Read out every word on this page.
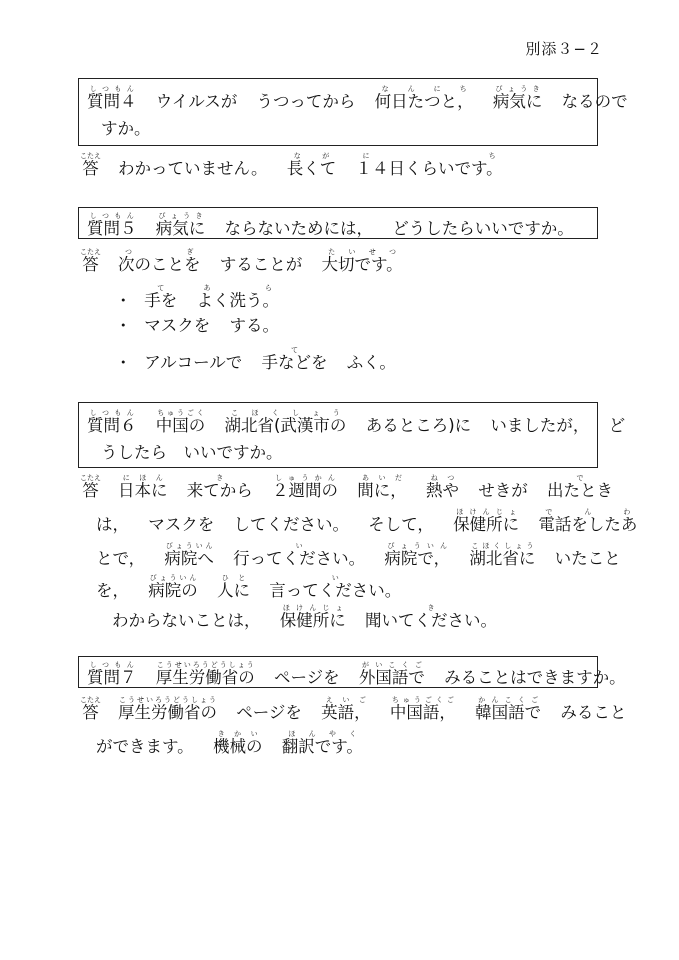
別添３−２
質問４しつもん ウイルスが うつってから 何日たつと，なんにち 病気にびょうき なるので
すか。
答こたえ わかっていません。 長くてなが １４日くらいです。にち
質問５しつもん 病気にびょうき ならないためには， どうしたらいいですか。
答こたえ 次のことをつぎ することが 大切です。たいせつ
・ 手をて よく洗う。あら
・ マスクを する。
・ アルコールで 手などをて ふく。
質問６しつもん 中国のちゅうごく 湖北省(武漢市のこほくしょう あるところ)に いましたが， ど
うしたら　いいですか。
答こたえ 日本ににほん 来てからき ２週間のしゅうかん 間に，あいだ 熱やねつ せきが 出たときで
は， マスクを してください。 そして， 保健所にほけんじょ 電話をしたあでんわ
とで， 病院へびょういん 行ってください。い 病院で，びょういん 湖北省にこほくしょう いたこと
を， 病院のびょういん 人にひと 言ってください。い
わからないことは， 保健所にほけんじょ 聞いてください。き
質問７しつもん 厚生労働省のこうせいろうどうしょう ページを 外国語でがいこくご みることはできますか。
答こたえ 厚生労働省のこうせいろうどうしょう ページを 英語，えいご 中国語，ちゅうごくご 韓国語でかんこくご みること
ができます。 機械のきかい 翻訳です。ほんやく
